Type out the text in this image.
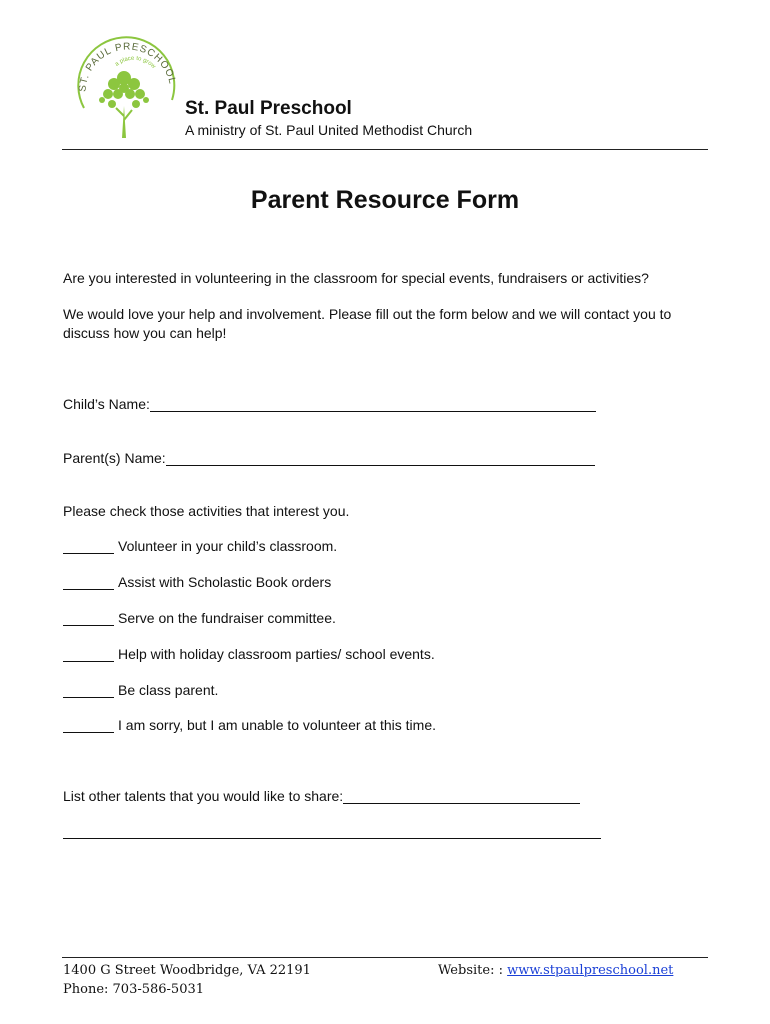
ST. PAUL PRESCHOOL
a place to grow
St. Paul Preschool
A ministry of St. Paul United Methodist Church
Parent Resource Form
Are you interested in volunteering in the classroom for special events, fundraisers or activities?
We would love your help and involvement. Please fill out the form below and we will contact you to discuss how you can help!
Child’s Name:
Parent(s) Name:
Please check those activities that interest you.
Volunteer in your child’s classroom.
Assist with Scholastic Book orders
Serve on the fundraiser committee.
Help with holiday classroom parties/ school events.
Be class parent.
I am sorry, but I am unable to volunteer at this time.
List other talents that you would like to share:
1400 G Street Woodbridge, VA 22191
Phone: 703-586-5031
Website: : www.stpaulpreschool.net
